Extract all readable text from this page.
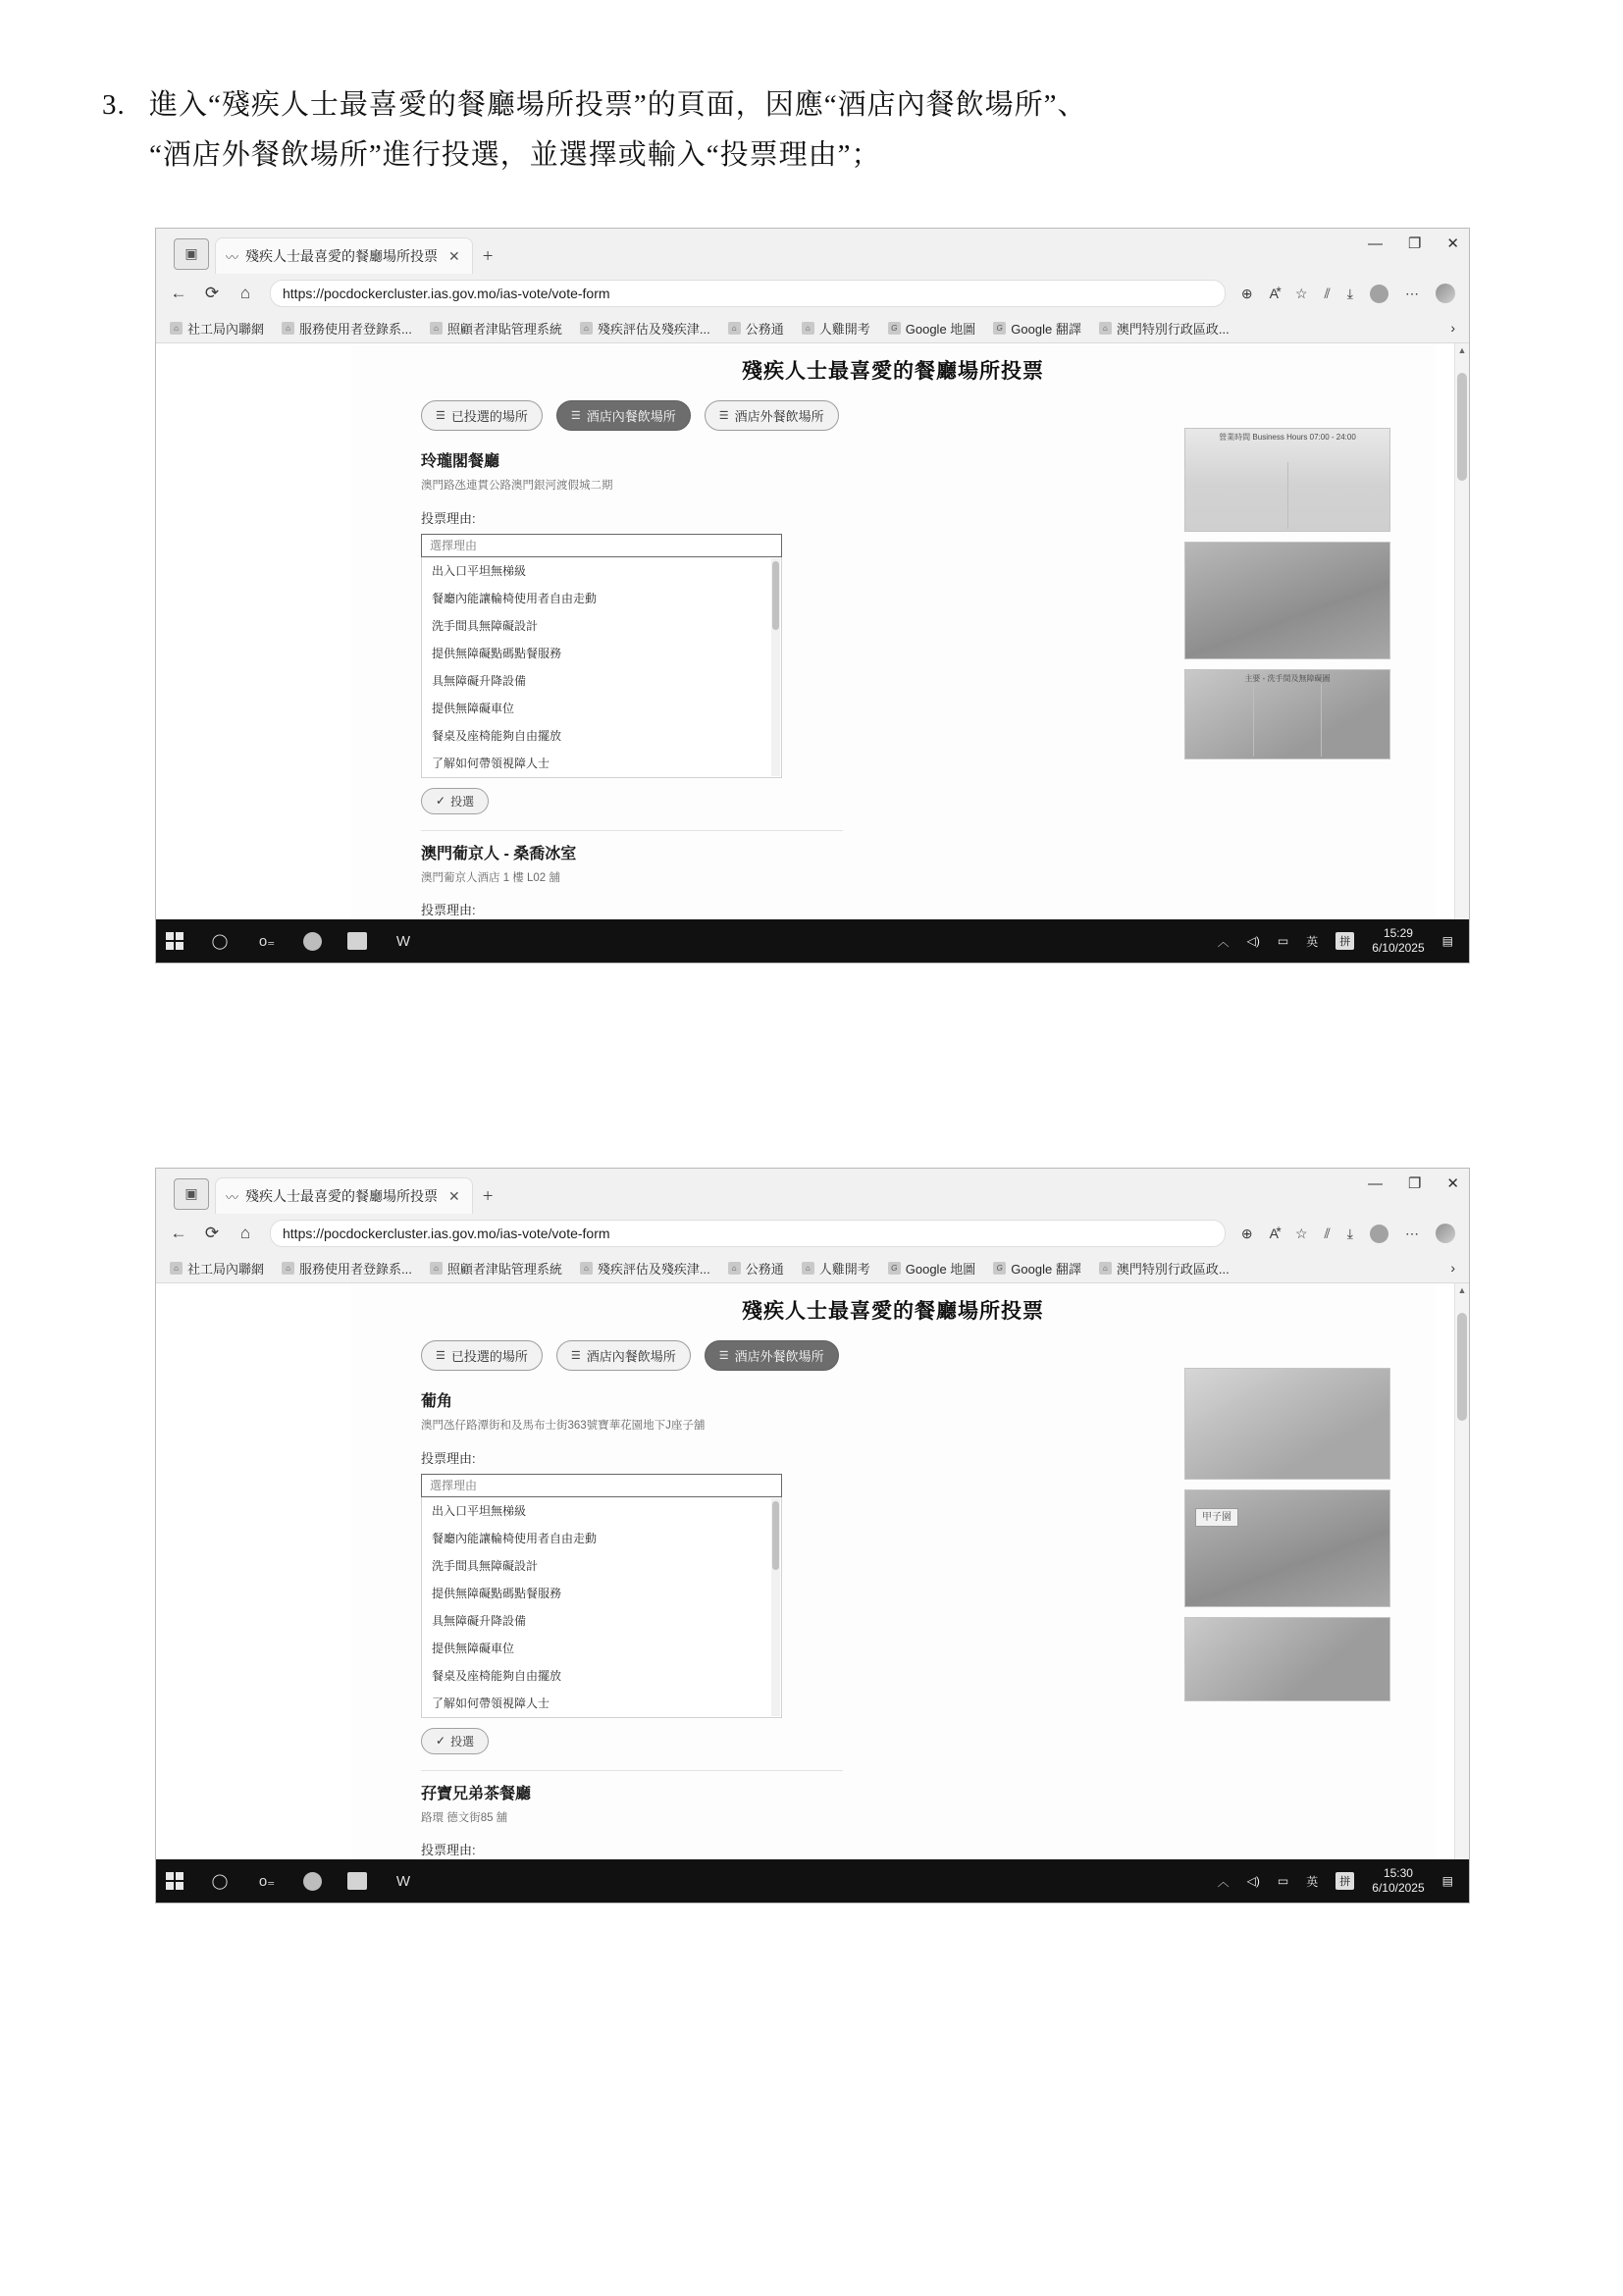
3. 進入“殘疾人士最喜愛的餐廳場所投票”的頁面，因應“酒店內餐飲場所”、
“酒店外餐飲場所”進行投選，並選擇或輸入“投票理由”；
▣	〰 殘疾人士最喜愛的餐廳場所投票 ✕ +
— ❐ ✕
← ⟳ ⌂ https://pocdockercluster.ias.gov.mo/ias-vote/vote-form	⊕ A⃰ ☆ ⫽ ⤓	⋯
⌂ 社工局內聯網	⌂ 服務使用者登錄系...	⌂ 照顧者津貼管理系統	⌂ 殘疾評估及殘疾津...	⌂ 公務通	⌂ 人雞開考	G Google 地圖	G Google 翻譯	⌂ 澳門特別行政區政...	›
殘疾人士最喜愛的餐廳場所投票
☰ 已投選的場所	☰ 酒店內餐飲場所	☰ 酒店外餐飲場所
玲瓏閣餐廳
澳門路氹連貫公路澳門銀河渡假城二期
投票理由:
選擇理由
出入口平坦無梯級
餐廳內能讓輪椅使用者自由走動
洗手間具無障礙設計
提供無障礙點碼點餐服務
具無障礙升降設備
提供無障礙車位
餐桌及座椅能夠自由擺放
了解如何帶領視障人士
✓ 投選
澳門葡京人 - 桑喬冰室
澳門葡京人酒店 1 樓 L02 舖
投票理由:
營業時間 Business Hours 07:00 - 24:00
主要 - 洗手間及無障礙圖
▲
◯ o₌	W	︿ ◁) ▭ 英	拼
15:29
6/10/2025 ▤
▣	〰 殘疾人士最喜愛的餐廳場所投票 ✕ +
— ❐ ✕
← ⟳ ⌂ https://pocdockercluster.ias.gov.mo/ias-vote/vote-form	⊕ A⃰ ☆ ⫽ ⤓	⋯
⌂ 社工局內聯網	⌂ 服務使用者登錄系...	⌂ 照顧者津貼管理系統	⌂ 殘疾評估及殘疾津...	⌂ 公務通	⌂ 人雞開考	G Google 地圖	G Google 翻譯	⌂ 澳門特別行政區政...	›
殘疾人士最喜愛的餐廳場所投票
☰ 已投選的場所	☰ 酒店內餐飲場所	☰ 酒店外餐飲場所
葡角
澳門氹仔路潭街和及馬布士街363號寶華花園地下J座子舖
投票理由:
選擇理由
出入口平坦無梯級
餐廳內能讓輪椅使用者自由走動
洗手間具無障礙設計
提供無障礙點碼點餐服務
具無障礙升降設備
提供無障礙車位
餐桌及座椅能夠自由擺放
了解如何帶領視障人士
✓ 投選
孖寶兄弟茶餐廳
路環 德文街85 舖
投票理由:
甲子園
▲
◯ o₌	W	︿ ◁) ▭ 英	拼
15:30
6/10/2025 ▤
